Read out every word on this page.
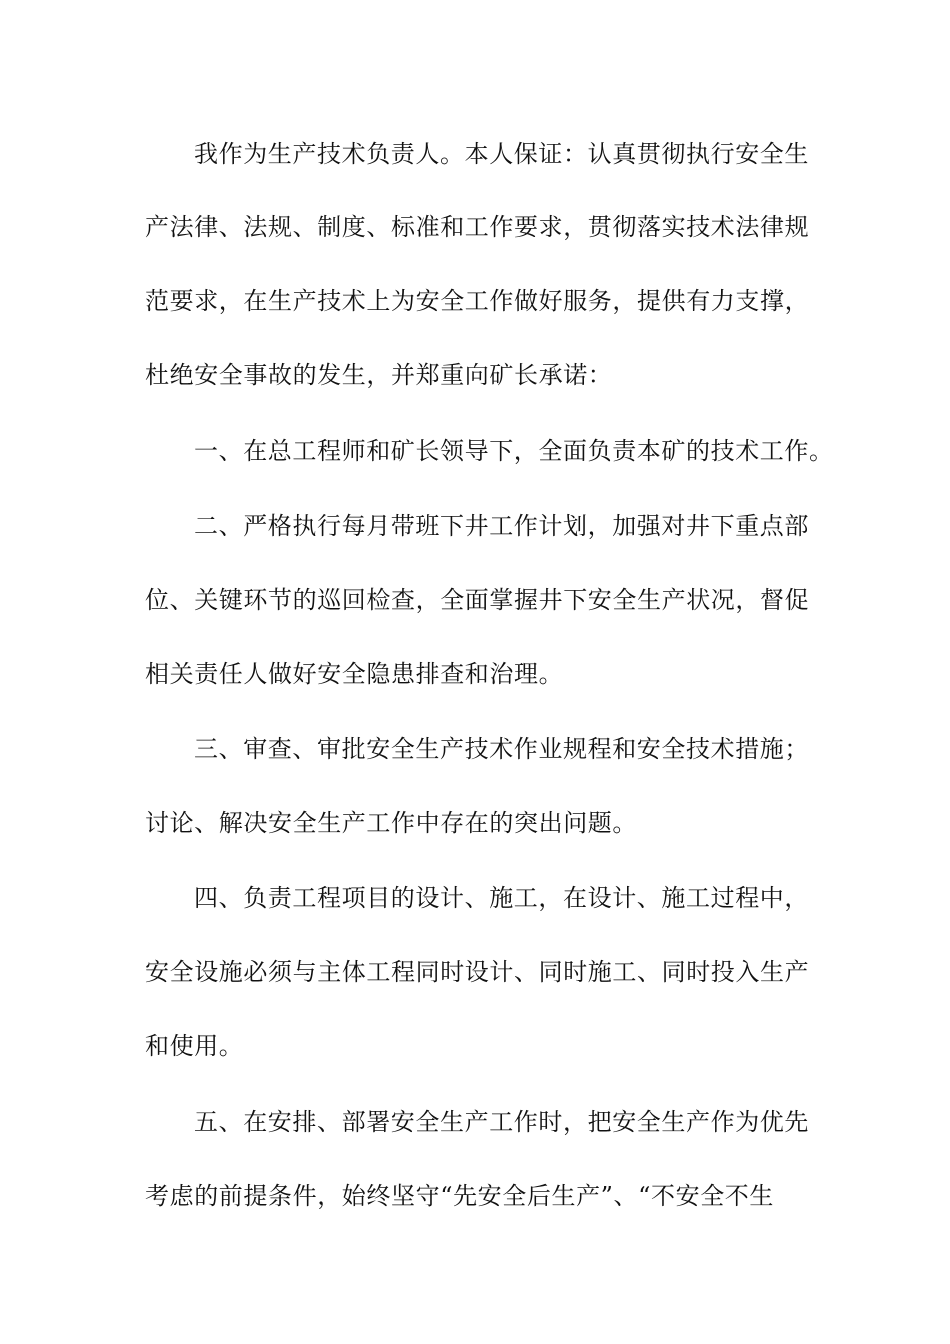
我作为生产技术负责人。本人保证：认真贯彻执行安全生
产法律、法规、制度、标准和工作要求，贯彻落实技术法律规
范要求，在生产技术上为安全工作做好服务，提供有力支撑，
杜绝安全事故的发生，并郑重向矿长承诺：
一、在总工程师和矿长领导下，全面负责本矿的技术工作。
二、严格执行每月带班下井工作计划，加强对井下重点部
位、关键环节的巡回检查，全面掌握井下安全生产状况，督促
相关责任人做好安全隐患排查和治理。
三、审查、审批安全生产技术作业规程和安全技术措施；
讨论、解决安全生产工作中存在的突出问题。
四、负责工程项目的设计、施工，在设计、施工过程中，
安全设施必须与主体工程同时设计、同时施工、同时投入生产
和使用。
五、在安排、部署安全生产工作时，把安全生产作为优先
考虑的前提条件，始终坚守“先安全后生产”、“不安全不生
